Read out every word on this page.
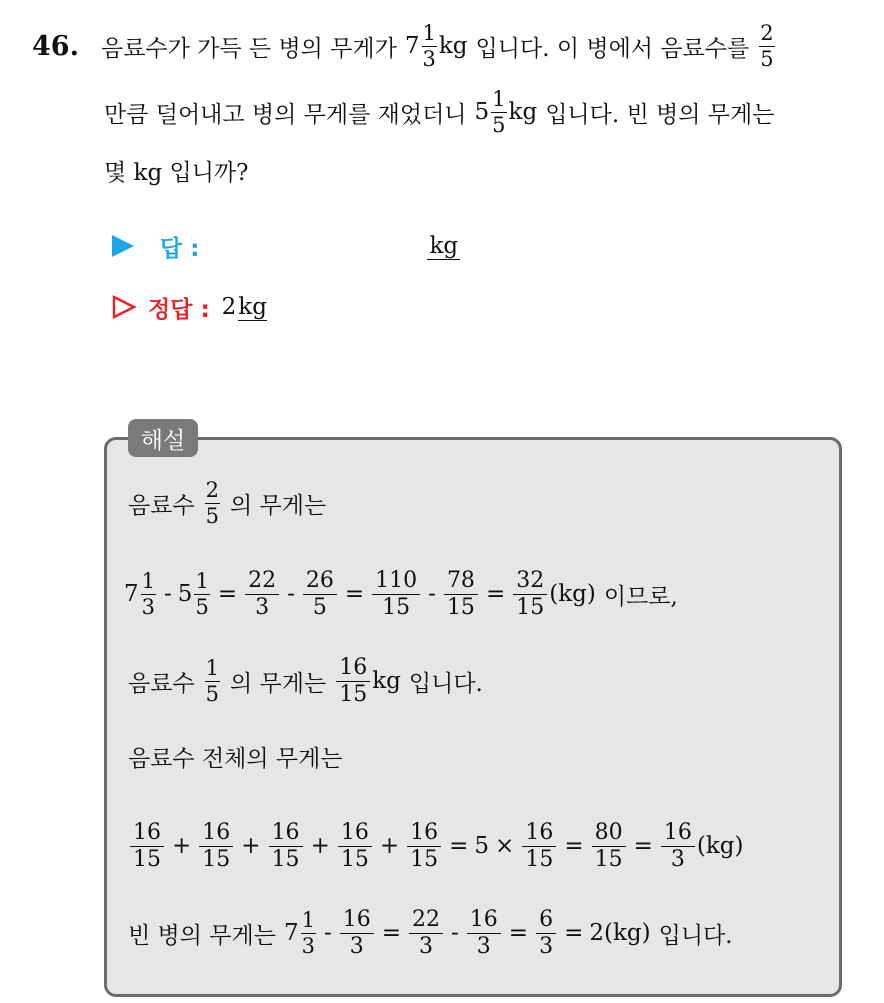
46. 음료수가 가득 든 병의 무게가 $7 \frac{1}{3}$ kg 입니다. 이 병에서 음료수를 $\frac{2}{5}$
만큼 덜어내고 병의 무게를 재었더니 $5 \frac{1}{5}$ kg 입니다. 빈 병의 무게는
몇 kg 입니까?
답 :	kg
정답 : 2 kg
해설
음료수 $\frac{2}{5}$ 의 무게는
$7 \frac{1}{3} - 5 \frac{1}{5} = \frac{22}{3} - \frac{26}{5} = \frac{110}{15} - \frac{78}{15} = \frac{32}{15} (kg)$ 이므로,
음료수 $\frac{1}{5}$ 의 무게는 $\frac{16}{15}$ kg 입니다.
음료수 전체의 무게는
$\frac{16}{15} + \frac{16}{15} + \frac{16}{15} + \frac{16}{15} + \frac{16}{15} = 5 \times \frac{16}{15} = \frac{80}{15} = \frac{16}{3} (kg)$
빈 병의 무게는 $7 \frac{1}{3} - \frac{16}{3} = \frac{22}{3} - \frac{16}{3} = \frac{6}{3} = 2$ (kg) 입니다.
